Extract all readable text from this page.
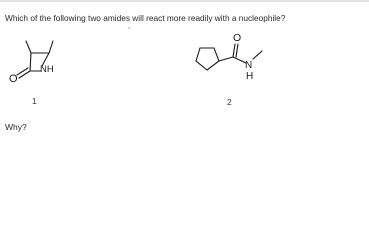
Which of the following two amides will react more readily with a nucleophile?
ˇ
O
NH
O
N
H
1	2
Why?
